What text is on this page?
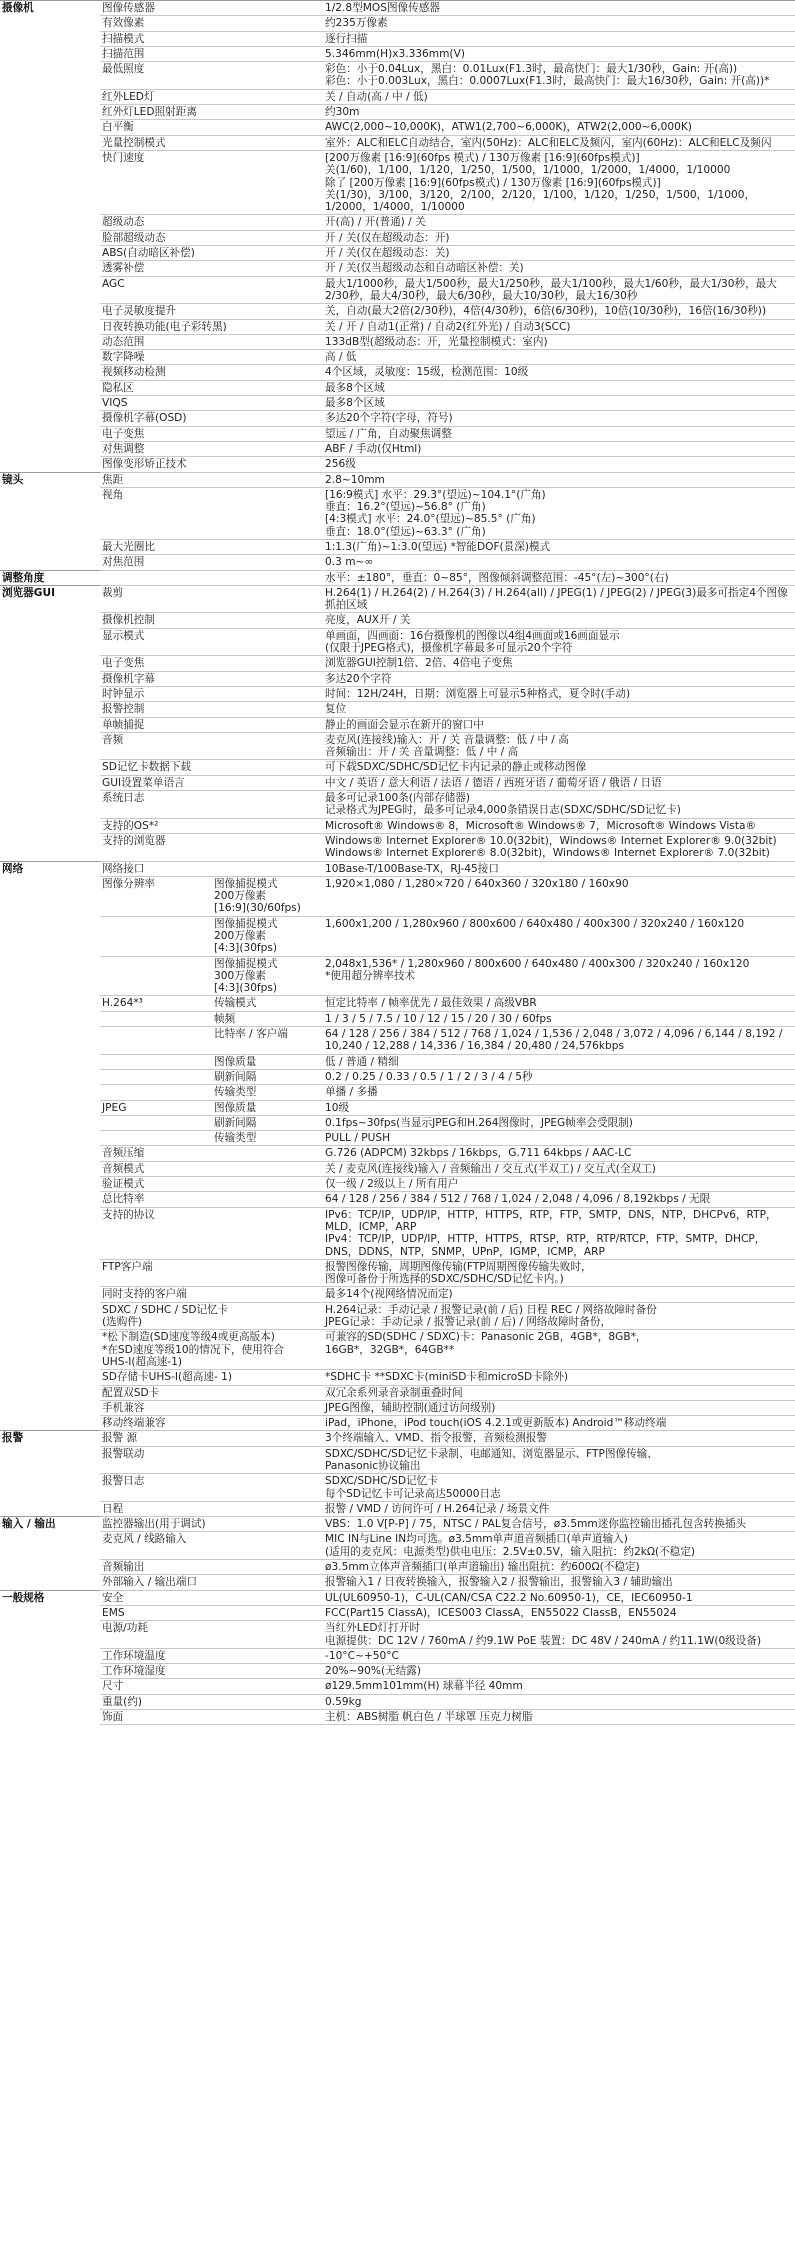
摄像机	图像传感器		1/2.8型MOS图像传感器

	有效像素		约235万像素

	扫描模式		逐行扫描

	扫描范围		5.346mm(H)x3.336mm(V)

	最低照度		彩色：小于0.04Lux，黑白：0.01Lux(F1.3时，最高快门：最大1/30秒，Gain: 开(高))
彩色：小于0.003Lux，黑白：0.0007Lux(F1.3时，最高快门：最大16/30秒，Gain: 开(高))*

	红外LED灯		关 / 自动(高 / 中 / 低)

	红外灯LED照射距离		约30m

	白平衡		AWC(2,000~10,000K)，ATW1(2,700~6,000K)，ATW2(2,000~6,000K)

	光量控制模式		室外：ALC和ELC自动结合，室内(50Hz)：ALC和ELC及频闪，室内(60Hz)：ALC和ELC及频闪

	快门速度		[200万像素 [16:9](60fps 模式) / 130万像素 [16:9](60fps模式)]
关(1/60)，1/100，1/120，1/250，1/500，1/1000，1/2000，1/4000，1/10000
除了 [200万像素 [16:9](60fps模式) / 130万像素 [16:9](60fps模式)]
关(1/30)，3/100，3/120，2/100，2/120，1/100，1/120，1/250，1/500，1/1000，1/2000，1/4000，1/10000

	超级动态		开(高) / 开(普通) / 关

	脸部超级动态		开 / 关(仅在超级动态：开)

	ABS(自动暗区补偿)		开 / 关(仅在超级动态：关)

	透雾补偿		开 / 关(仅当超级动态和自动暗区补偿：关)

	AGC		最大1/1000秒，最大1/500秒，最大1/250秒，最大1/100秒，最大1/60秒，最大1/30秒，最大2/30秒，最大4/30秒，最大6/30秒，最大10/30秒，最大16/30秒

	电子灵敏度提升		关，自动(最大2倍(2/30秒)，4倍(4/30秒)，6倍(6/30秒)，10倍(10/30秒)，16倍(16/30秒))

	日夜转换功能(电子彩转黑)		关 / 开 / 自动1(正常) / 自动2(红外光) / 自动3(SCC)

	动态范围		133dB型(超级动态：开，光量控制模式：室内)

	数字降噪		高 / 低

	视频移动检测		4个区域，灵敏度：15级，检测范围：10级

	隐私区		最多8个区域

	VIQS		最多8个区域

	摄像机字幕(OSD)		多达20个字符(字母，符号)

	电子变焦		望远 / 广角，自动聚焦调整

	对焦调整		ABF / 手动(仅Html)

	图像变形矫正技术		256级

镜头	焦距		2.8~10mm

	视角		[16:9模式] 水平：29.3°(望远)~104.1°(广角)
垂直：16.2°(望远)~56.8° (广角)
[4:3模式] 水平：24.0°(望远)~85.5° (广角)
垂直：18.0°(望远)~63.3° (广角)

	最大光圈比		1:1.3(广角)~1:3.0(望远) *智能DOF(景深)模式

	对焦范围		0.3 m~∞

调整角度			水平：±180°，垂直：0~85°，图像倾斜调整范围：-45°(左)~300°(右)

浏览器GUI	裁剪		H.264(1) / H.264(2) / H.264(3) / H.264(all) / JPEG(1) / JPEG(2) / JPEG(3)最多可指定4个图像抓拍区域

	摄像机控制		亮度，AUX开 / 关

	显示模式		单画面，四画面：16台摄像机的图像以4组4画面或16画面显示
(仅限于JPEG格式)，摄像机字幕最多可显示20个字符

	电子变焦		浏览器GUI控制1倍、2倍、4倍电子变焦

	摄像机字幕		多达20个字符

	时钟显示		时间：12H/24H，日期：浏览器上可显示5种格式，夏令时(手动)

	报警控制		复位

	单帧捕捉		静止的画面会显示在新开的窗口中

	音频		麦克风(连接线)输入：开 / 关 音量调整：低 / 中 / 高
音频输出：开 / 关 音量调整：低 / 中 / 高

	SD记忆卡数据下载		可下载SDXC/SDHC/SD记忆卡内记录的静止或移动图像

	GUI设置菜单语言		中文 / 英语 / 意大利语 / 法语 / 德语 / 西班牙语 / 葡萄牙语 / 俄语 / 日语

	系统日志		最多可记录100条(内部存储器)
记录格式为JPEG时，最多可记录4,000条错误日志(SDXC/SDHC/SD记忆卡)

	支持的OS*²		Microsoft® Windows® 8，Microsoft® Windows® 7，Microsoft® Windows Vista®

	支持的浏览器		Windows® Internet Explorer® 10.0(32bit)，Windows® Internet Explorer® 9.0(32bit)
Windows® Internet Explorer® 8.0(32bit)，Windows® Internet Explorer® 7.0(32bit)

网络	网络接口		10Base-T/100Base-TX，RJ-45接口

	图像分辨率	图像捕捉模式
200万像素
[16:9](30/60fps)	1,920×1,080 / 1,280×720 / 640x360 / 320x180 / 160x90

		图像捕捉模式
200万像素
[4:3](30fps)	1,600x1,200 / 1,280x960 / 800x600 / 640x480 / 400x300 / 320x240 / 160x120

		图像捕捉模式
300万像素
[4:3](30fps)	2,048x1,536* / 1,280x960 / 800x600 / 640x480 / 400x300 / 320x240 / 160x120
*使用超分辨率技术

	H.264*³	传输模式	恒定比特率 / 帧率优先 / 最佳效果 / 高级VBR

		帧频	1 / 3 / 5 / 7.5 / 10 / 12 / 15 / 20 / 30 / 60fps

		比特率 / 客户端	64 / 128 / 256 / 384 / 512 / 768 / 1,024 / 1,536 / 2,048 / 3,072 / 4,096 / 6,144 / 8,192 / 10,240 / 12,288 / 14,336 / 16,384 / 20,480 / 24,576kbps

		图像质量	低 / 普通 / 精细

		刷新间隔	0.2 / 0.25 / 0.33 / 0.5 / 1 / 2 / 3 / 4 / 5秒

		传输类型	单播 / 多播

	JPEG	图像质量	10级

		刷新间隔	0.1fps~30fps(当显示JPEG和H.264图像时，JPEG帧率会受限制)

		传输类型	PULL / PUSH

	音频压缩		G.726 (ADPCM) 32kbps / 16kbps，G.711 64kbps / AAC-LC

	音频模式		关 / 麦克风(连接线)输入 / 音频输出 / 交互式(半双工) / 交互式(全双工)

	验证模式		仅一级 / 2级以上 / 所有用户

	总比特率		64 / 128 / 256 / 384 / 512 / 768 / 1,024 / 2,048 / 4,096 / 8,192kbps / 无限

	支持的协议		IPv6：TCP/IP，UDP/IP，HTTP，HTTPS，RTP，FTP，SMTP，DNS，NTP，DHCPv6，RTP，MLD，ICMP，ARP
IPv4：TCP/IP，UDP/IP，HTTP，HTTPS，RTSP，RTP，RTP/RTCP，FTP，SMTP，DHCP，DNS，DDNS，NTP，SNMP，UPnP，IGMP，ICMP，ARP

	FTP客户端		报警图像传输，周期图像传输(FTP周期图像传输失败时，
图像可备份于所选择的SDXC/SDHC/SD记忆卡内。)

	同时支持的客户端		最多14个(视网络情况而定)

	SDXC / SDHC / SD记忆卡
(选购件)		H.264记录：手动记录 / 报警记录(前 / 后) 日程 REC / 网络故障时备份
JPEG记录：手动记录 / 报警记录(前 / 后) / 网络故障时备份，

	*松下制造(SD速度等级4或更高版本)
*在SD速度等级10的情况下，使用符合
UHS-I(超高速-1)		可兼容的SD(SDHC / SDXC)卡：Panasonic 2GB，4GB*，8GB*，
16GB*，32GB*，64GB**

	SD存储卡UHS-I(超高速- 1)		*SDHC卡 **SDXC卡(miniSD卡和microSD卡除外)

	配置双SD卡		双冗余系列录音录制重叠时间

	手机兼容		JPEG图像，辅助控制(通过访问级别)

	移动终端兼容		iPad，iPhone，iPod touch(iOS 4.2.1或更新版本) Android™移动终端

报警	报警 源		3个终端输入、VMD、指令报警，音频检测报警

	报警联动		SDXC/SDHC/SD记忆卡录制、电邮通知、浏览器显示、FTP图像传输、
Panasonic协议输出

	报警日志		SDXC/SDHC/SD记忆卡
每个SD记忆卡可记录高达50000日志

	日程		报警 / VMD / 访问许可 / H.264记录 / 场景文件

输入 / 输出	监控器输出(用于调试)		VBS：1.0 V[P-P] / 75，NTSC / PAL复合信号，ø3.5mm迷你监控输出插孔包含转换插头

	麦克风 / 线路输入		MIC IN与Line IN均可选。ø3.5mm单声道音频插口(单声道输入)
(适用的麦克风：电源类型)供电电压：2.5V±0.5V，输入阻抗：约2kΩ(不稳定)

	音频输出		ø3.5mm立体声音频插口(单声道输出) 输出阻抗：约600Ω(不稳定)

	外部输入 / 输出端口		报警输入1 / 日夜转换输入，报警输入2 / 报警输出，报警输入3 / 辅助输出

一般规格	安全		UL(UL60950-1)，C-UL(CAN/CSA C22.2 No.60950-1)，CE，IEC60950-1

	EMS		FCC(Part15 ClassA)，ICES003 ClassA，EN55022 ClassB，EN55024

	电源/功耗		当红外LED灯打开时
电源提供：DC 12V / 760mA / 约9.1W PoE 装置：DC 48V / 240mA / 约11.1W(0级设备)

	工作环境温度		-10°C~+50°C

	工作环境湿度		20%~90%(无结露)

	尺寸		ø129.5mm101mm(H) 球幕半径 40mm

	重量(约)		0.59kg

	饰面		主机：ABS树脂 帆白色 / 半球罩 压克力树脂
